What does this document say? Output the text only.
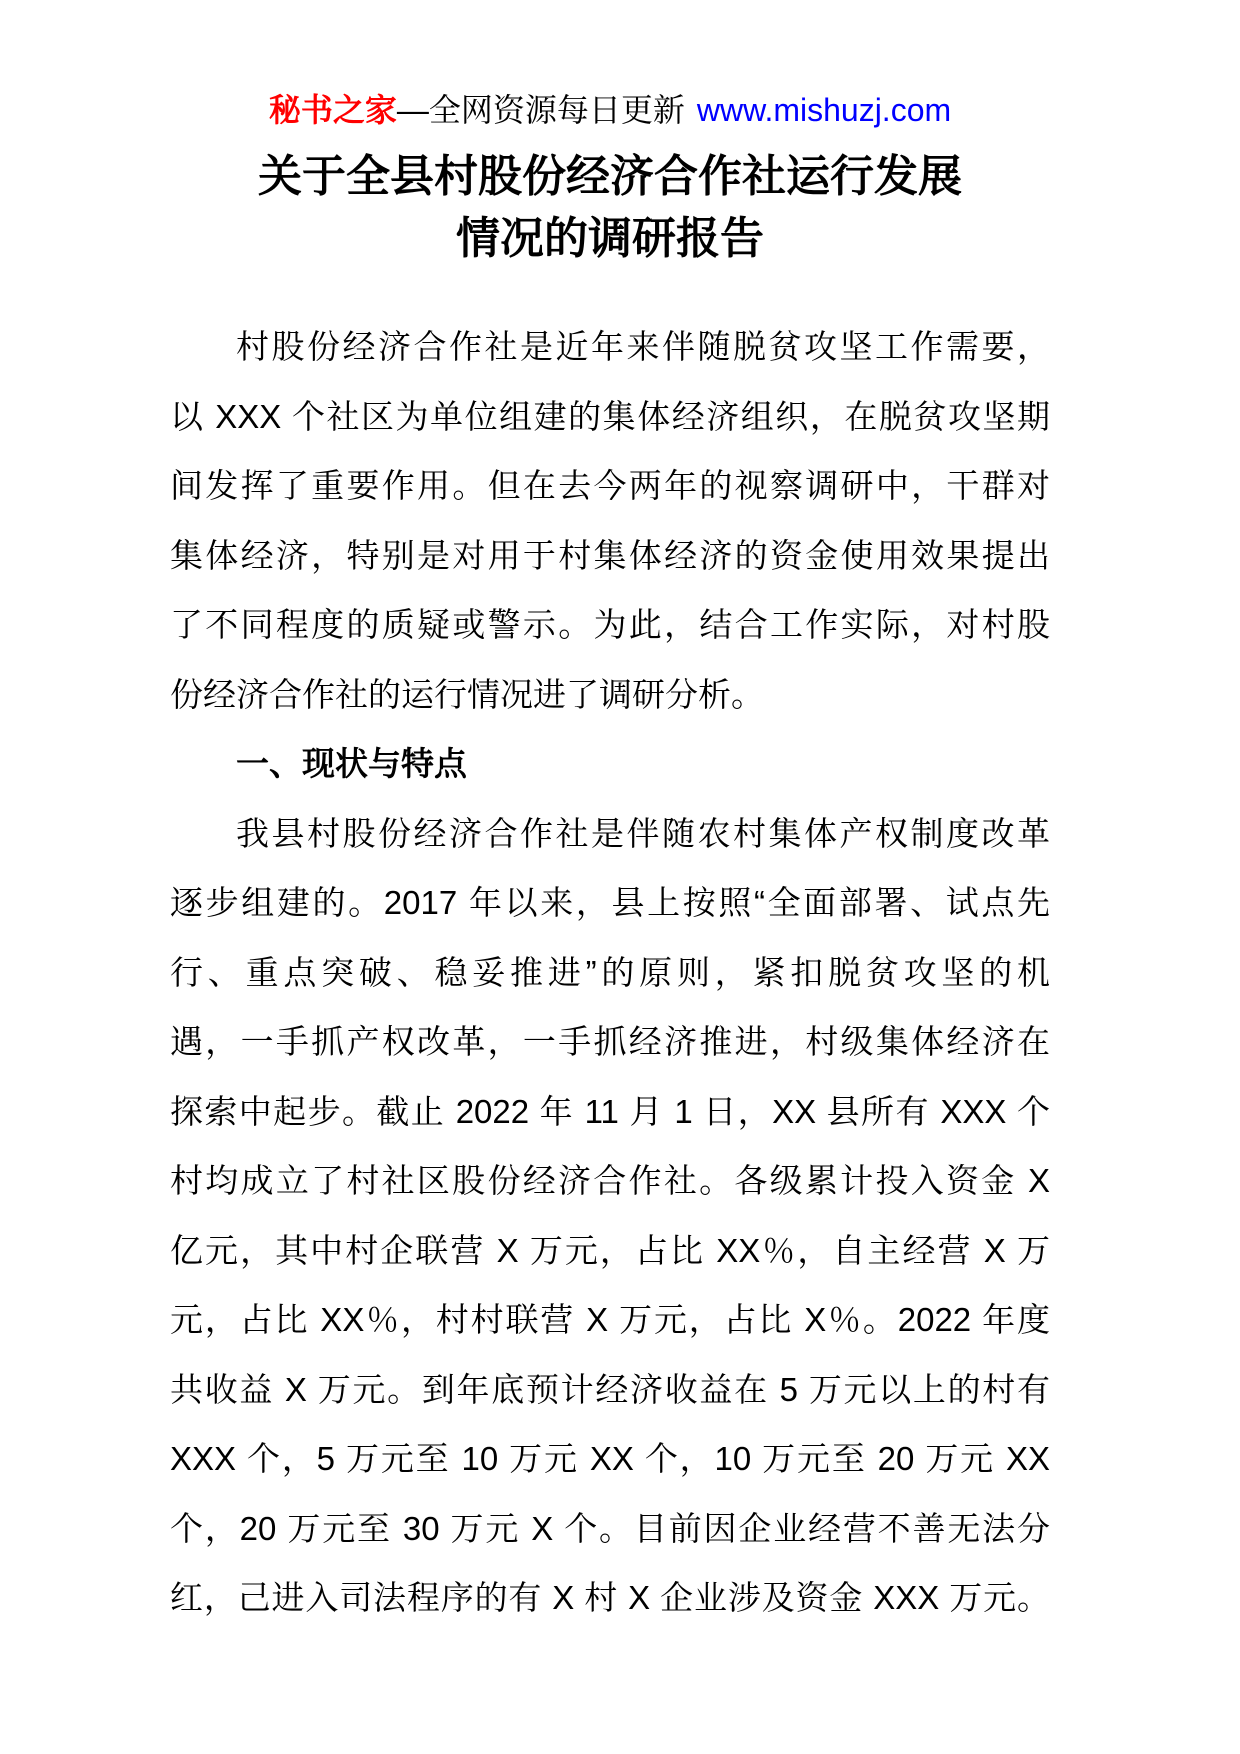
秘书之家—全网资源每日更新 www.mishuzj.com
关于全县村股份经济合作社运行发展
情况的调研报告
村股份经济合作社是近年来伴随脱贫攻坚工作需要，
以 XXX 个社区为单位组建的集体经济组织，在脱贫攻坚期
间发挥了重要作用。但在去今两年的视察调研中，干群对
集体经济，特别是对用于村集体经济的资金使用效果提出
了不同程度的质疑或警示。为此，结合工作实际，对村股
份经济合作社的运行情况进了调研分析。
一、现状与特点
我县村股份经济合作社是伴随农村集体产权制度改革
逐步组建的。2017 年以来，县上按照“全面部署、试点先
行、重点突破、稳妥推进”的原则，紧扣脱贫攻坚的机
遇，一手抓产权改革，一手抓经济推进，村级集体经济在
探索中起步。截止 2022 年 11 月 1 日，XX 县所有 XXX 个
村均成立了村社区股份经济合作社。各级累计投入资金 X
亿元，其中村企联营 X 万元，占比 XX％，自主经营 X 万
元，占比 XX％，村村联营 X 万元，占比 X％。2022 年度
共收益 X 万元。到年底预计经济收益在 5 万元以上的村有
XXX 个，5 万元至 10 万元 XX 个，10 万元至 20 万元 XX
个，20 万元至 30 万元 X 个。目前因企业经营不善无法分
红，己进入司法程序的有 X 村 X 企业涉及资金 XXX 万元。
